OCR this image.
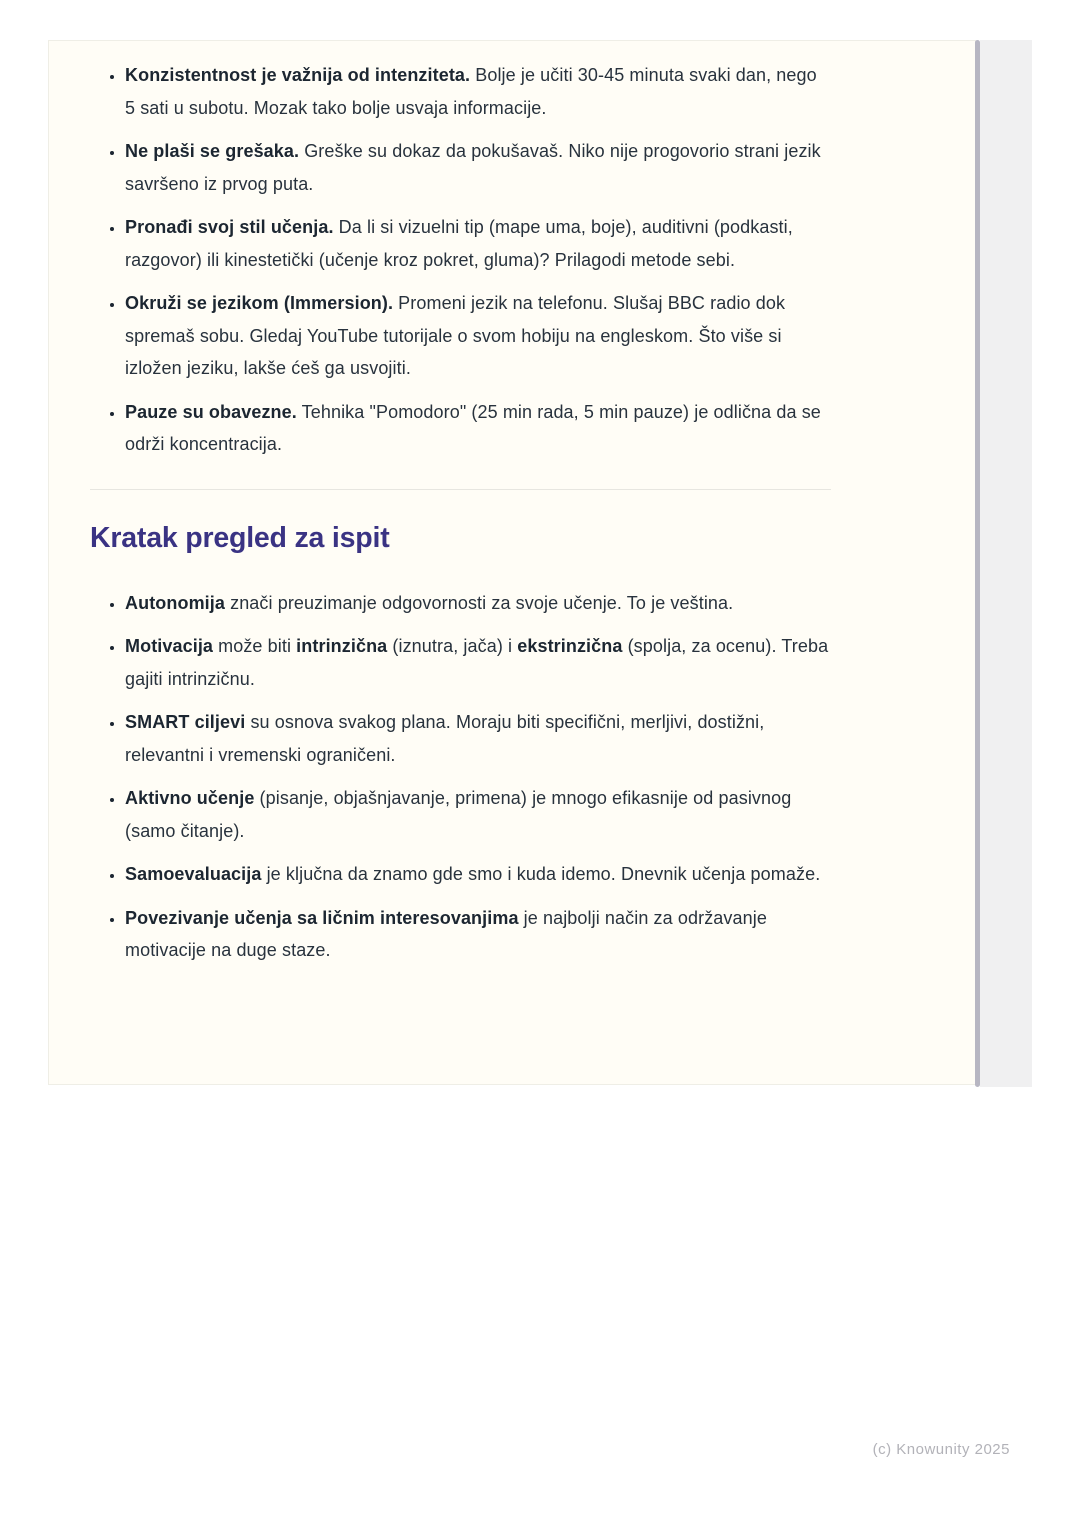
• Konzistentnost je važnija od intenziteta. Bolje je učiti 30-45 minuta svaki dan, nego 5 sati u subotu. Mozak tako bolje usvaja informacije.
• Ne plaši se grešaka. Greške su dokaz da pokušavaš. Niko nije progovorio strani jezik savršeno iz prvog puta.
• Pronađi svoj stil učenja. Da li si vizuelni tip (mape uma, boje), auditivni (podkasti, razgovor) ili kinestetički (učenje kroz pokret, gluma)? Prilagodi metode sebi.
• Okruži se jezikom (Immersion). Promeni jezik na telefonu. Slušaj BBC radio dok spremaš sobu. Gledaj YouTube tutorijale o svom hobiju na engleskom. Što više si izložen jeziku, lakše ćeš ga usvojiti.
• Pauze su obavezne. Tehnika "Pomodoro" (25 min rada, 5 min pauze) je odlična da se održi koncentracija.
Kratak pregled za ispit
• Autonomija znači preuzimanje odgovornosti za svoje učenje. To je veština.
• Motivacija može biti intrinzična (iznutra, jača) i ekstrinzična (spolja, za ocenu). Treba gajiti intrinzičnu.
• SMART ciljevi su osnova svakog plana. Moraju biti specifični, merljivi, dostižni, relevantni i vremenski ograničeni.
• Aktivno učenje (pisanje, objašnjavanje, primena) je mnogo efikasnije od pasivnog (samo čitanje).
• Samoevaluacija je ključna da znamo gde smo i kuda idemo. Dnevnik učenja pomaže.
• Povezivanje učenja sa ličnim interesovanjima je najbolji način za održavanje motivacije na duge staze.
(c) Knowunity 2025
